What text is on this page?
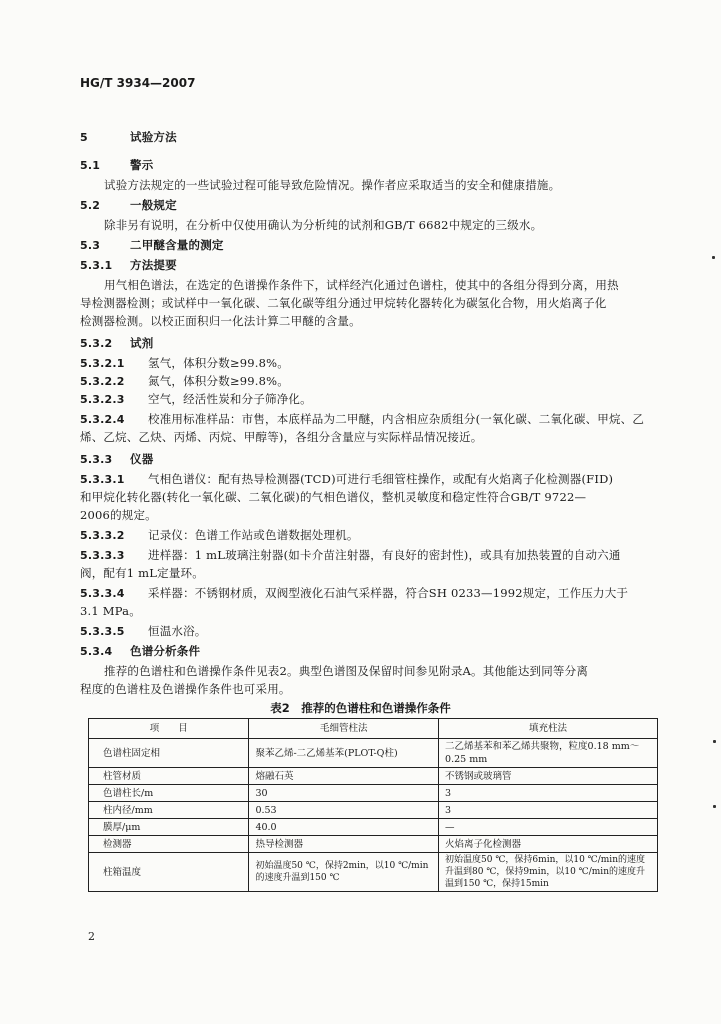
HG/T 3934—2007
5	试验方法
5.1	警示
试验方法规定的一些试验过程可能导致危险情况。操作者应采取适当的安全和健康措施。
5.2	一般规定
除非另有说明，在分析中仅使用确认为分析纯的试剂和GB/T 6682中规定的三级水。
5.3	二甲醚含量的测定
5.3.1 方法提要
用气相色谱法，在选定的色谱操作条件下，试样经汽化通过色谱柱，使其中的各组分得到分离，用热
导检测器检测；或试样中一氧化碳、二氧化碳等组分通过甲烷转化器转化为碳氢化合物，用火焰离子化
检测器检测。以校正面积归一化法计算二甲醚的含量。
5.3.2 试剂
5.3.2.1 氢气，体积分数≥99.8%。
5.3.2.2 氮气，体积分数≥99.8%。
5.3.2.3 空气，经活性炭和分子筛净化。
5.3.2.4 校准用标准样品：市售，本底样品为二甲醚，内含相应杂质组分(一氧化碳、二氧化碳、甲烷、乙
烯、乙烷、乙炔、丙烯、丙烷、甲醇等)，各组分含量应与实际样品情况接近。
5.3.3 仪器
5.3.3.1 气相色谱仪：配有热导检测器(TCD)可进行毛细管柱操作，或配有火焰离子化检测器(FID)
和甲烷化转化器(转化一氧化碳、二氧化碳)的气相色谱仪，整机灵敏度和稳定性符合GB/T 9722—
2006的规定。
5.3.3.2 记录仪：色谱工作站或色谱数据处理机。
5.3.3.3 进样器：1 mL玻璃注射器(如卡介苗注射器，有良好的密封性)，或具有加热装置的自动六通
阀，配有1 mL定量环。
5.3.3.4 采样器：不锈钢材质，双阀型液化石油气采样器，符合SH 0233—1992规定，工作压力大于
3.1 MPa。
5.3.3.5 恒温水浴。
5.3.4 色谱分析条件
推荐的色谱柱和色谱操作条件见表2。典型色谱图及保留时间参见附录A。其他能达到同等分离
程度的色谱柱及色谱操作条件也可采用。
表2　推荐的色谱柱和色谱操作条件
项　　目	毛细管柱法	填充柱法
色谱柱固定相	聚苯乙烯-二乙烯基苯(PLOT-Q柱)	二乙烯基苯和苯乙烯共聚物，粒度0.18 mm～0.25 mm
柱管材质	熔融石英	不锈钢或玻璃管
色谱柱长/m	30	3
柱内径/mm	0.53	3
膜厚/μm	40.0	—
检测器	热导检测器	火焰离子化检测器
柱箱温度	初始温度50 ℃，保持2min，以10 ℃/min的速度升温到150 ℃	初始温度50 ℃，保持6min，以10 ℃/min的速度升温到80 ℃，保持9min，以10 ℃/min的速度升温到150 ℃，保持15min
2
